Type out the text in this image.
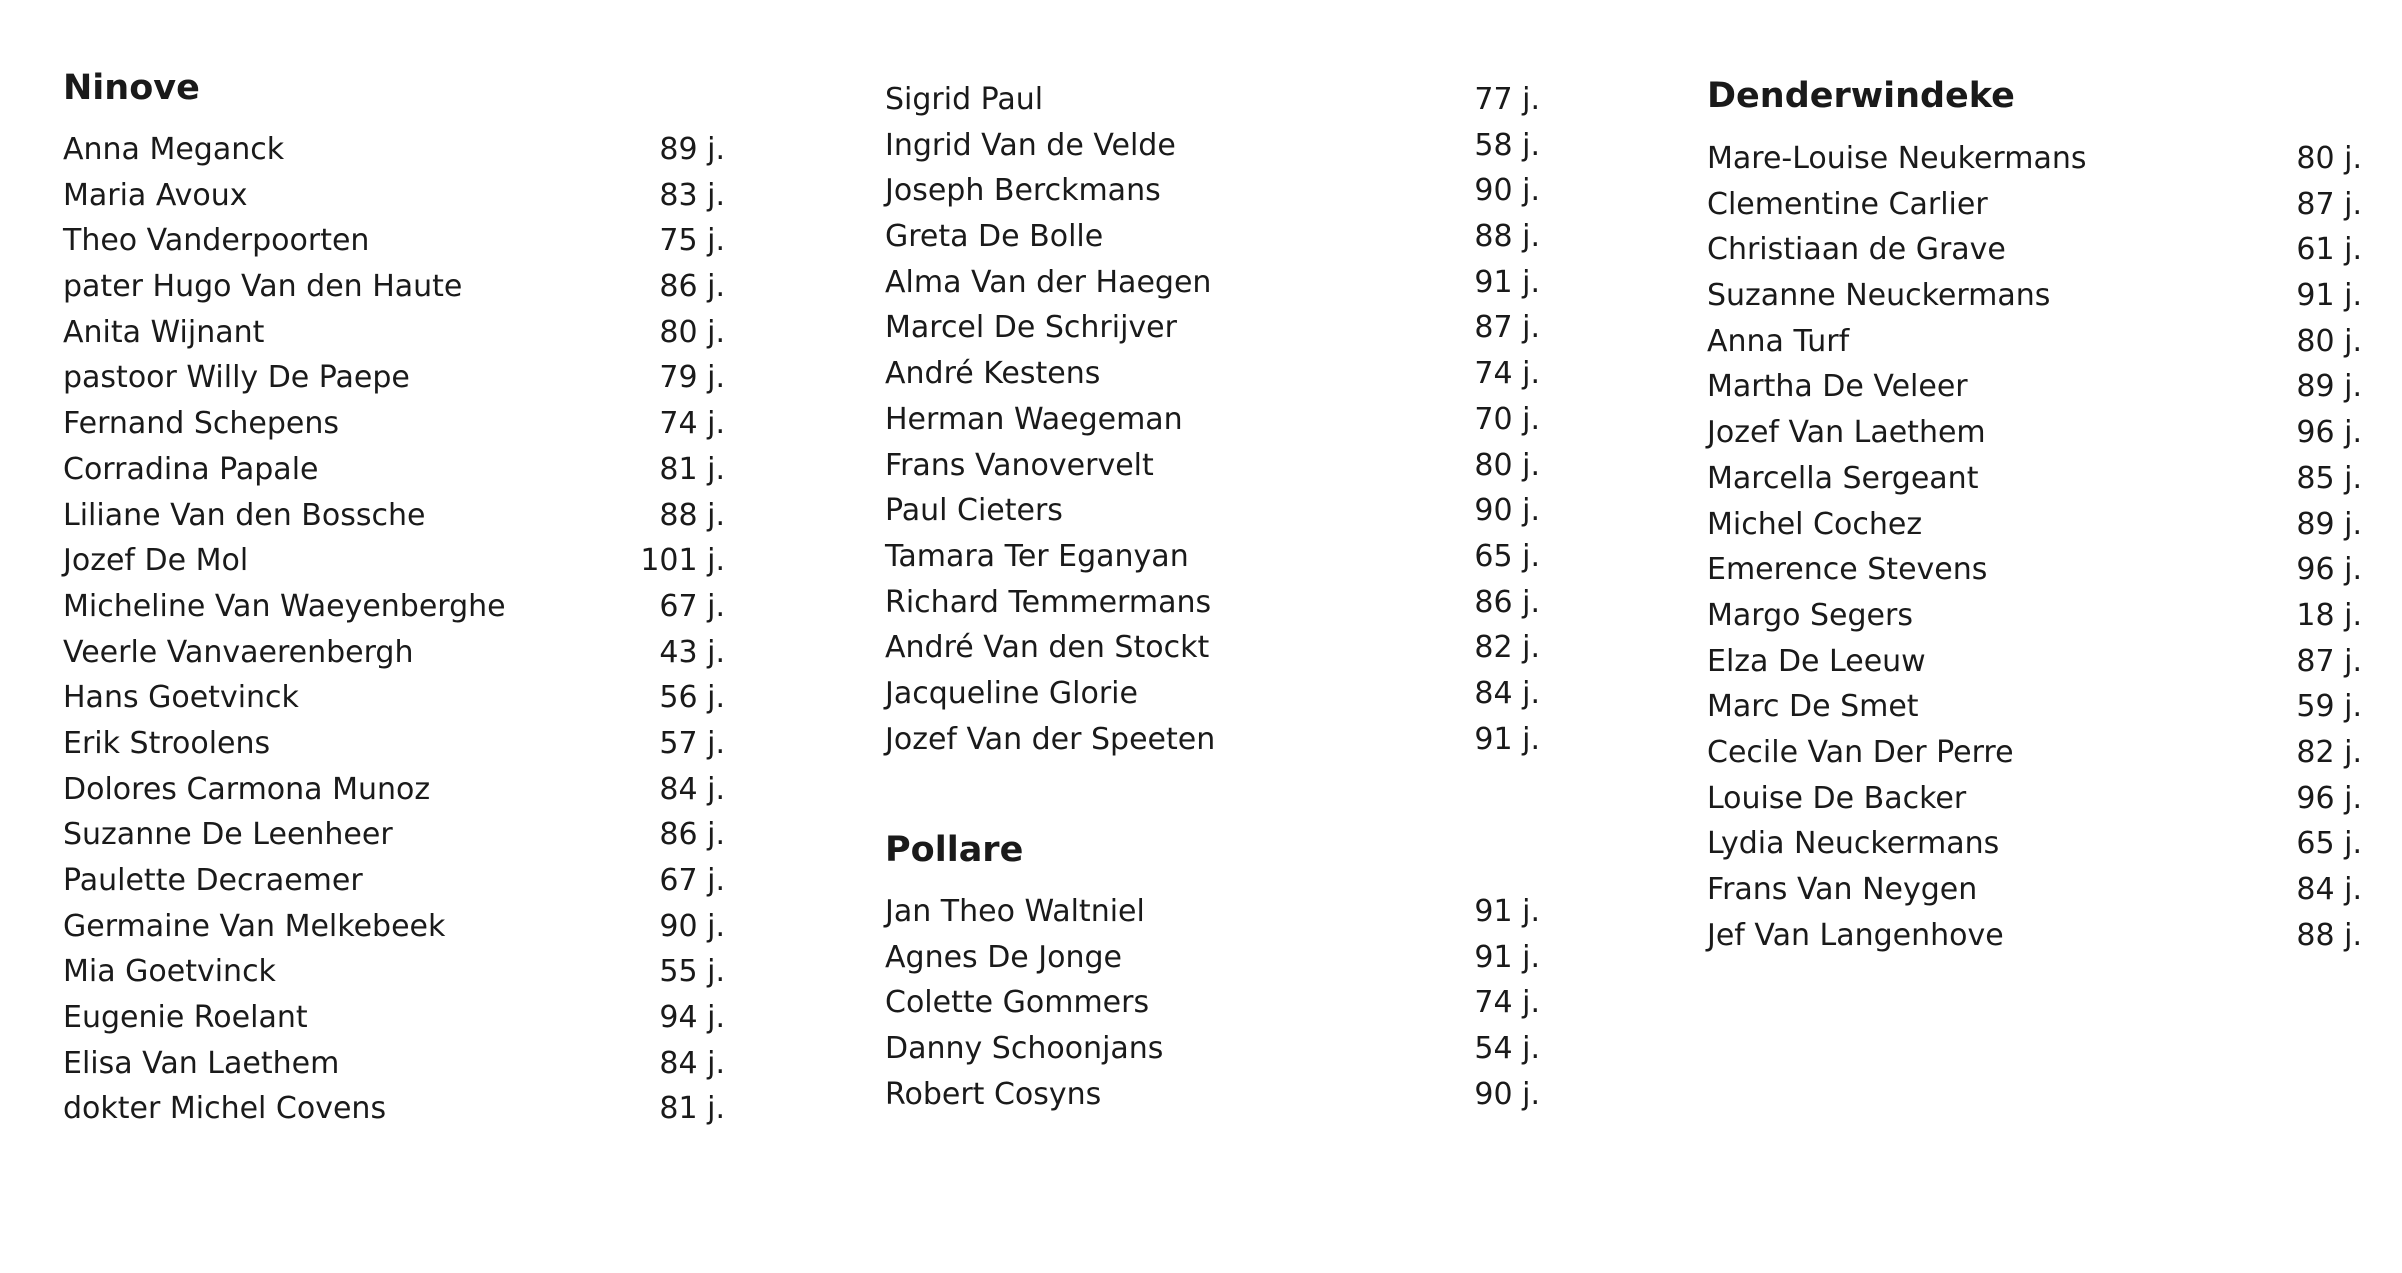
Ninove
Anna Meganck	89 j.
Maria Avoux	83 j.
Theo Vanderpoorten	75 j.
pater Hugo Van den Haute	86 j.
Anita Wijnant	80 j.
pastoor Willy De Paepe	79 j.
Fernand Schepens	74 j.
Corradina Papale	81 j.
Liliane Van den Bossche	88 j.
Jozef De Mol	101 j.
Micheline Van Waeyenberghe	67 j.
Veerle Vanvaerenbergh	43 j.
Hans Goetvinck	56 j.
Erik Stroolens	57 j.
Dolores Carmona Munoz	84 j.
Suzanne De Leenheer	86 j.
Paulette Decraemer	67 j.
Germaine Van Melkebeek	90 j.
Mia Goetvinck	55 j.
Eugenie Roelant	94 j.
Elisa Van Laethem	84 j.
dokter Michel Covens	81 j.
Sigrid Paul	77 j.
Ingrid Van de Velde	58 j.
Joseph Berckmans	90 j.
Greta De Bolle	88 j.
Alma Van der Haegen	91 j.
Marcel De Schrijver	87 j.
André Kestens	74 j.
Herman Waegeman	70 j.
Frans Vanovervelt	80 j.
Paul Cieters	90 j.
Tamara Ter Eganyan	65 j.
Richard Temmermans	86 j.
André Van den Stockt	82 j.
Jacqueline Glorie	84 j.
Jozef Van der Speeten	91 j.
Pollare
Jan Theo Waltniel	91 j.
Agnes De Jonge	91 j.
Colette Gommers	74 j.
Danny Schoonjans	54 j.
Robert Cosyns	90 j.
Denderwindeke
Mare-Louise Neukermans	80 j.
Clementine Carlier	87 j.
Christiaan de Grave	61 j.
Suzanne Neuckermans	91 j.
Anna Turf	80 j.
Martha De Veleer	89 j.
Jozef Van Laethem	96 j.
Marcella Sergeant	85 j.
Michel Cochez	89 j.
Emerence Stevens	96 j.
Margo Segers	18 j.
Elza De Leeuw	87 j.
Marc De Smet	59 j.
Cecile Van Der Perre	82 j.
Louise De Backer	96 j.
Lydia Neuckermans	65 j.
Frans Van Neygen	84 j.
Jef Van Langenhove	88 j.
